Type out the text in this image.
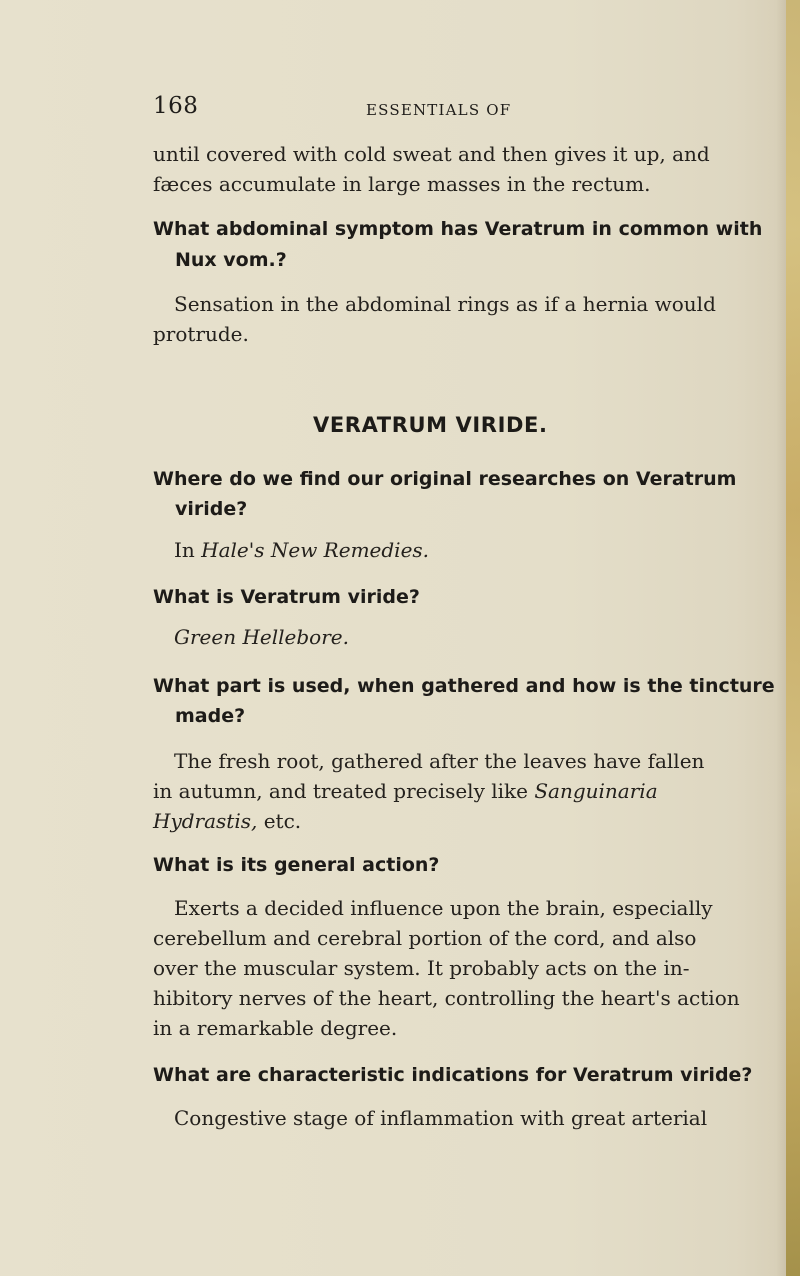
168	ESSENTIALS OF
until covered with cold sweat and then gives it up, and
fæces accumulate in large masses in the rectum.
What abdominal symptom has Veratrum in common with
Nux vom.?
Sensation in the abdominal rings as if a hernia would
protrude.
VERATRUM VIRIDE.
Where do we find our original researches on Veratrum
viride?
In Hale's New Remedies.
What is Veratrum viride?
Green Hellebore.
What part is used, when gathered and how is the tincture
made?
The fresh root, gathered after the leaves have fallen
in autumn, and treated precisely like Sanguinaria
Hydrastis, etc.
What is its general action?
Exerts a decided influence upon the brain, especially
cerebellum and cerebral portion of the cord, and also
over the muscular system. It probably acts on the in-
hibitory nerves of the heart, controlling the heart's action
in a remarkable degree.
What are characteristic indications for Veratrum viride?
Congestive stage of inflammation with great arterial
